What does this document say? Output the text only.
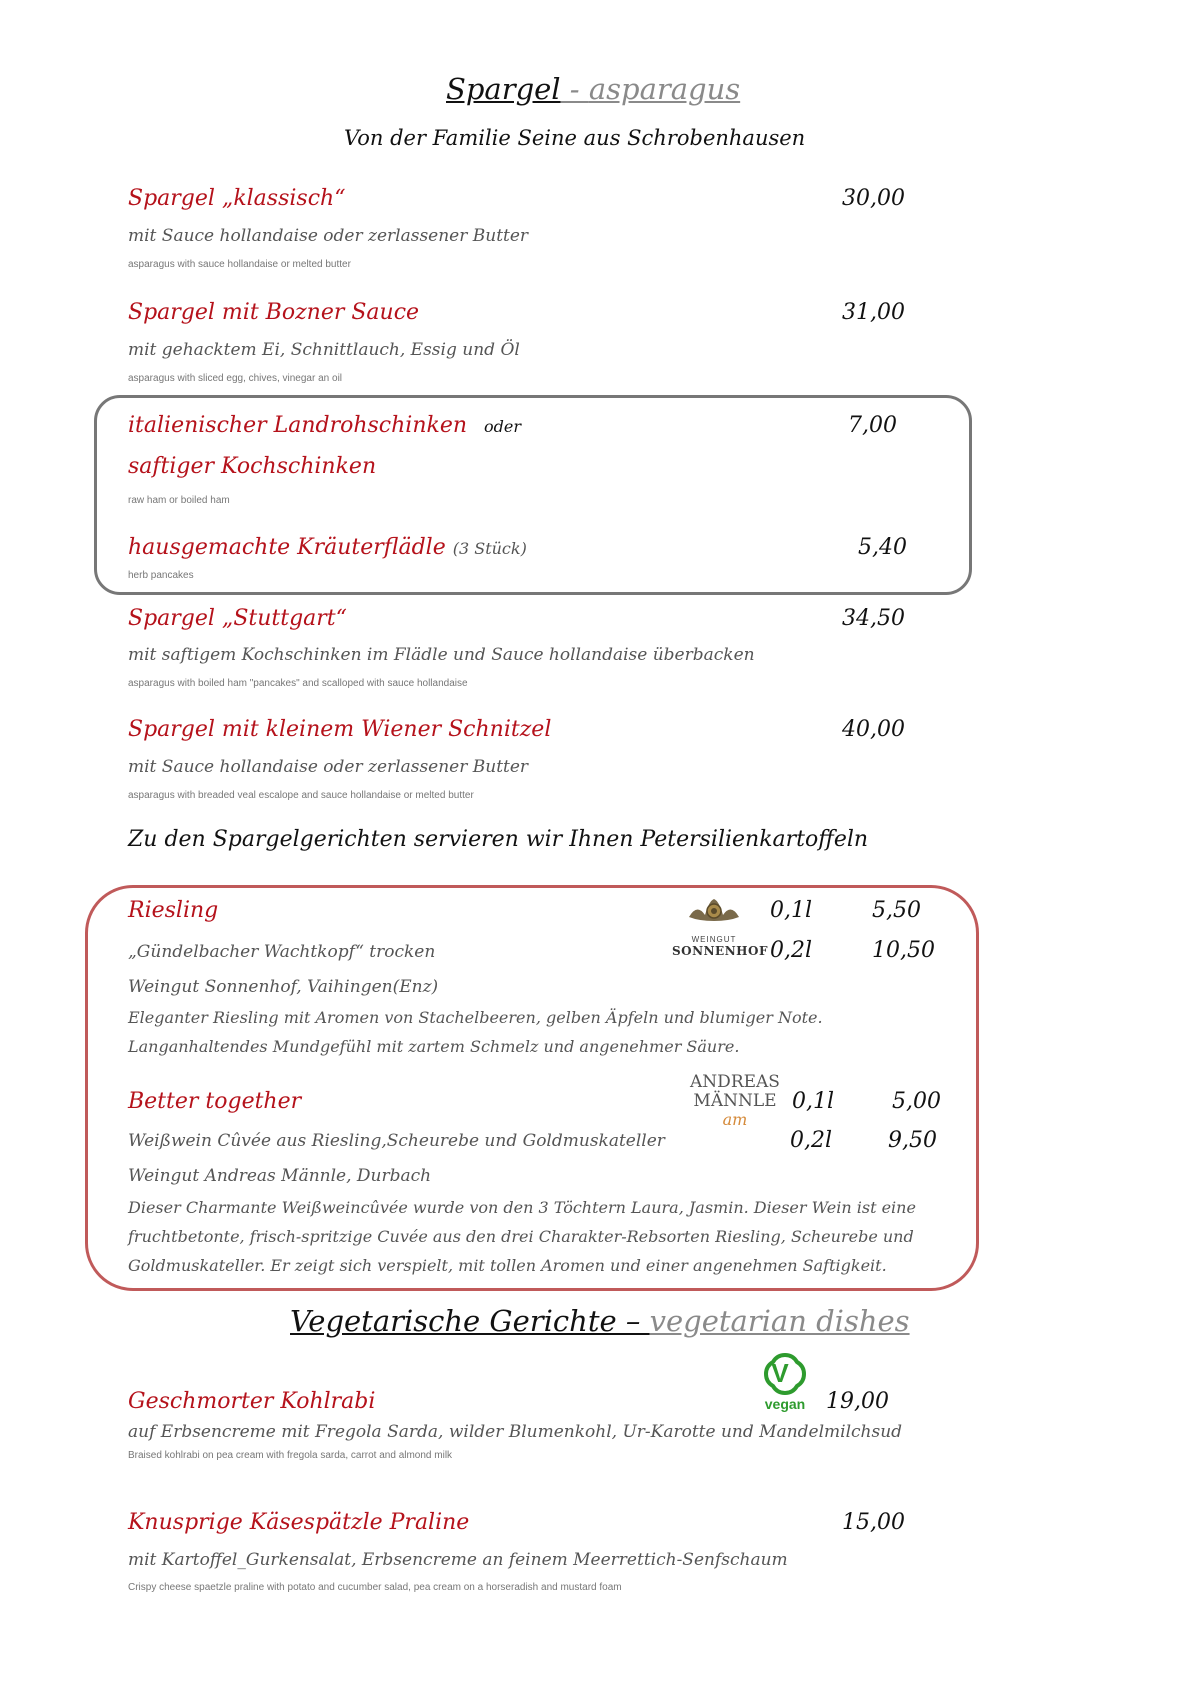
Spargel - asparagus
Von der Familie Seine aus Schrobenhausen
Spargel „klassisch“	30,00
mit Sauce hollandaise oder zerlassener Butter
asparagus with sauce hollandaise or melted butter
Spargel mit Bozner Sauce	31,00
mit gehacktem Ei, Schnittlauch, Essig und Öl
asparagus with sliced egg, chives, vinegar an oil
italienischer Landrohschinken oder	7,00
saftiger Kochschinken
raw ham or boiled ham
hausgemachte Kräuterflädle (3 Stück)	5,40
herb pancakes
Spargel „Stuttgart“	34,50
mit saftigem Kochschinken im Flädle und Sauce hollandaise überbacken
asparagus with boiled ham "pancakes" and scalloped with sauce hollandaise
Spargel mit kleinem Wiener Schnitzel	40,00
mit Sauce hollandaise oder zerlassener Butter
asparagus with breaded veal escalope and sauce hollandaise or melted butter
Zu den Spargelgerichten servieren wir Ihnen Petersilienkartoffeln
Riesling
WEINGUT
SONNENHOF
0,1l	5,50
„Gündelbacher Wachtkopf“ trocken	0,2l	10,50
Weingut Sonnenhof, Vaihingen(Enz)
Eleganter Riesling mit Aromen von Stachelbeeren, gelben Äpfeln und blumiger Note.
Langanhaltendes Mundgefühl mit zartem Schmelz und angenehmer Säure.
Better together
ANDREAS
MÄNNLE
am
0,1l	5,00
Weißwein Cûvée aus Riesling,Scheurebe und Goldmuskateller	0,2l	9,50
Weingut Andreas Männle, Durbach
Dieser Charmante Weißweincûvée wurde von den 3 Töchtern Laura, Jasmin. Dieser Wein ist eine
fruchtbetonte, frisch-spritzige Cuvée aus den drei Charakter-Rebsorten Riesling, Scheurebe und
Goldmuskateller. Er zeigt sich verspielt, mit tollen Aromen und einer angenehmen Saftigkeit.
Vegetarische Gerichte – vegetarian dishes
V
vegan
Geschmorter Kohlrabi	19,00
auf Erbsencreme mit Fregola Sarda, wilder Blumenkohl, Ur-Karotte und Mandelmilchsud
Braised kohlrabi on pea cream with fregola sarda, carrot and almond milk
Knusprige Käsespätzle Praline	15,00
mit Kartoffel_Gurkensalat, Erbsencreme an feinem Meerrettich-Senfschaum
Crispy cheese spaetzle praline with potato and cucumber salad, pea cream on a horseradish and mustard foam
